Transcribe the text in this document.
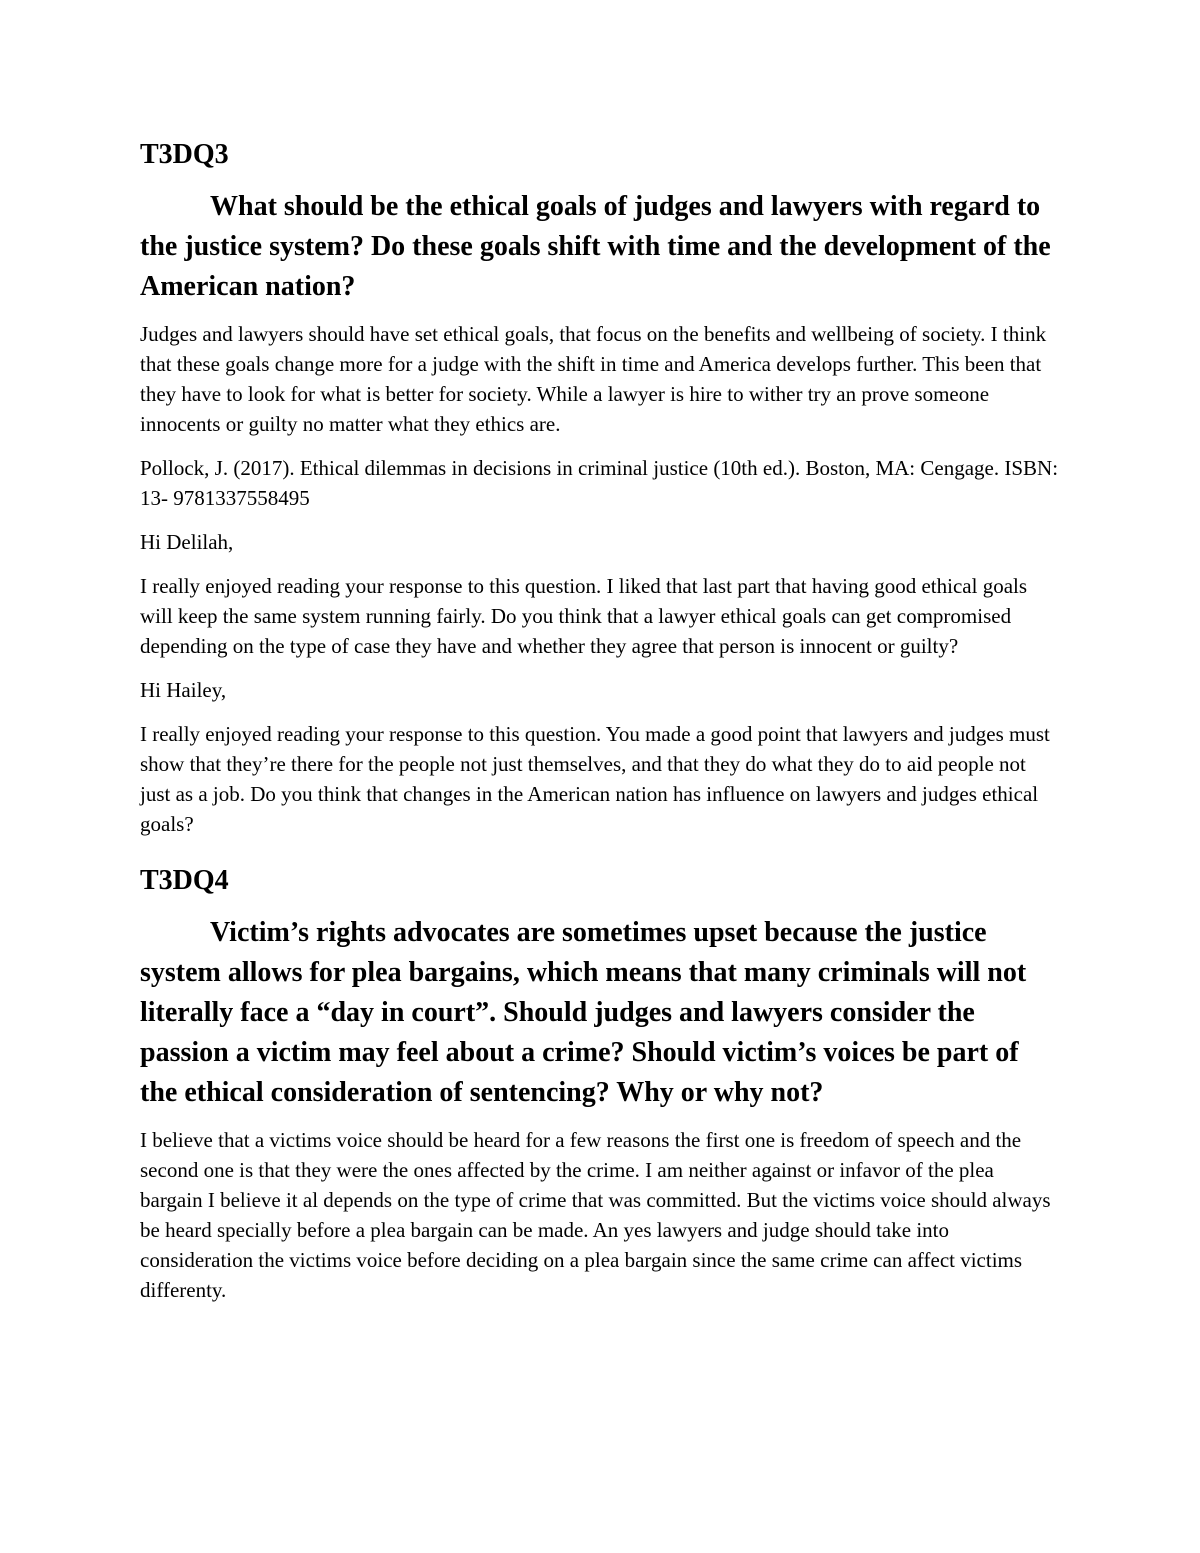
T3DQ3
What should be the ethical goals of judges and lawyers with regard to the justice system? Do these goals shift with time and the development of the American nation?

Judges and lawyers should have set ethical goals, that focus on the benefits and wellbeing of society. I think that these goals change more for a judge with the shift in time and America develops further. This been that they have to look for what is better for society. While a lawyer is hire to wither try an prove someone innocents or guilty no matter what they ethics are.

Pollock, J. (2017). Ethical dilemmas in decisions in criminal justice (10th ed.). Boston, MA: Cengage. ISBN: 13- 9781337558495

Hi Delilah,

I really enjoyed reading your response to this question. I liked that last part that having good ethical goals will keep the same system running fairly. Do you think that a lawyer ethical goals can get compromised depending on the type of case they have and whether they agree that person is innocent or guilty?

Hi Hailey,

I really enjoyed reading your response to this question. You made a good point that lawyers and judges must show that they’re there for the people not just themselves, and that they do what they do to aid people not just as a job. Do you think that changes in the American nation has influence on lawyers and judges ethical goals?

T3DQ4
Victim’s rights advocates are sometimes upset because the justice system allows for plea bargains, which means that many criminals will not literally face a “day in court”. Should judges and lawyers consider the passion a victim may feel about a crime? Should victim’s voices be part of the ethical consideration of sentencing? Why or why not?

I believe that a victims voice should be heard for a few reasons the first one is freedom of speech and the second one is that they were the ones affected by the crime. I am neither against or infavor of the plea bargain I believe it al depends on the type of crime that was committed. But the victims voice should always be heard specially before a plea bargain can be made. An yes lawyers and judge should take into consideration the victims voice before deciding on a plea bargain since the same crime can affect victims differenty.
